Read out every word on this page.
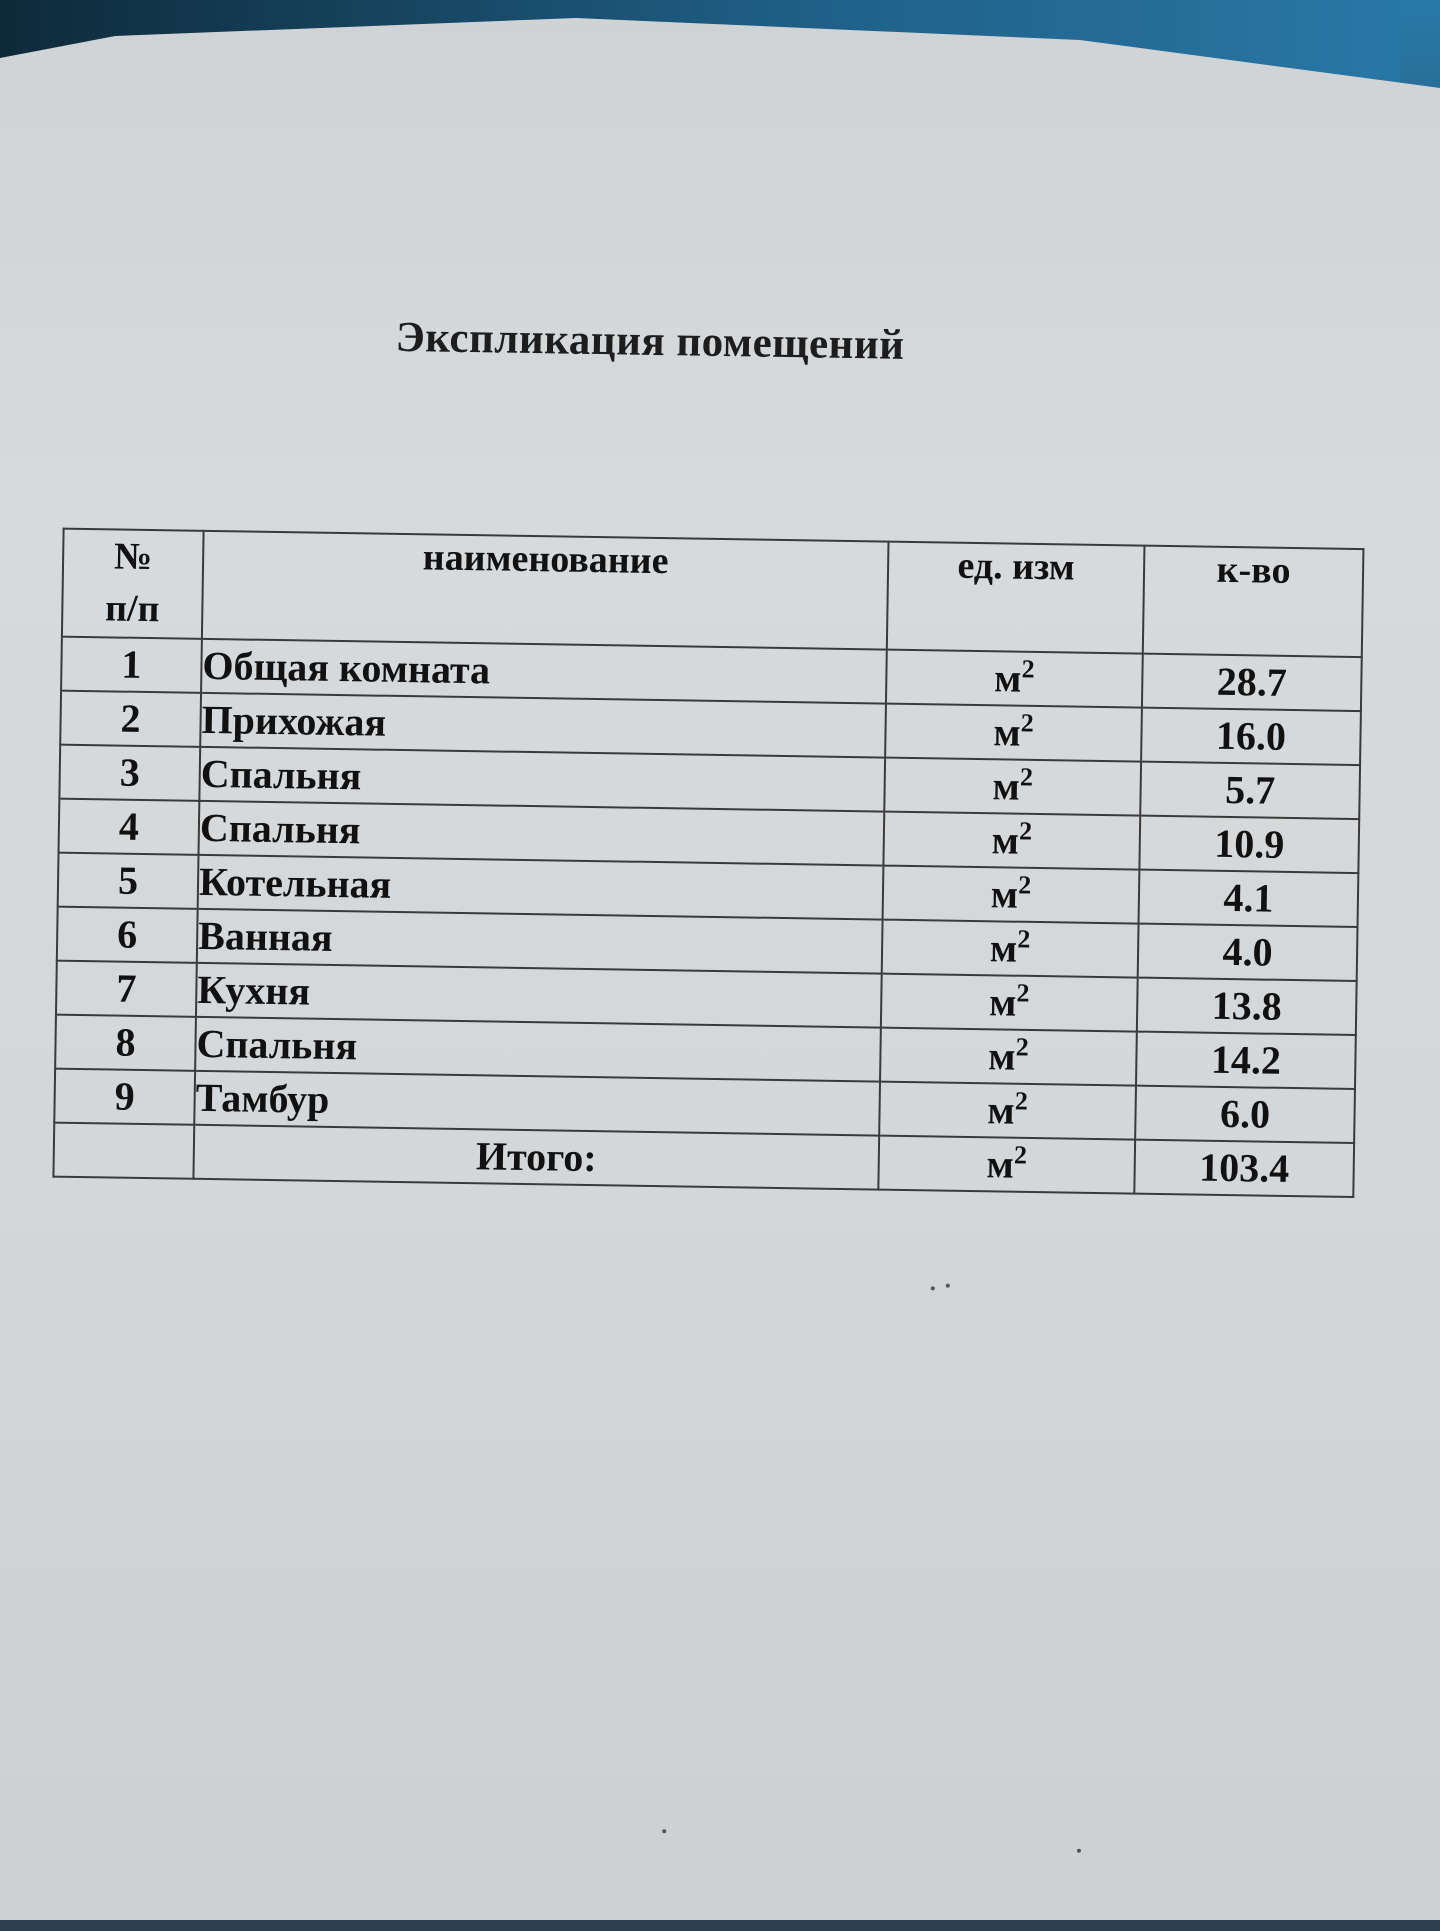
Экспликация помещений
№
п/п	наименование	ед. изм	к-во
1	Общая комната	$м^2$	28.7
2	Прихожая	$м^2$	16.0
3	Спальня	$м^2$	5.7
4	Спальня	$м^2$	10.9
5	Котельная	$м^2$	4.1
6	Ванная	$м^2$	4.0
7	Кухня	$м^2$	13.8
8	Спальня	$м^2$	14.2
9	Тамбур	$м^2$	6.0
	Итого:	$м^2$	103.4
